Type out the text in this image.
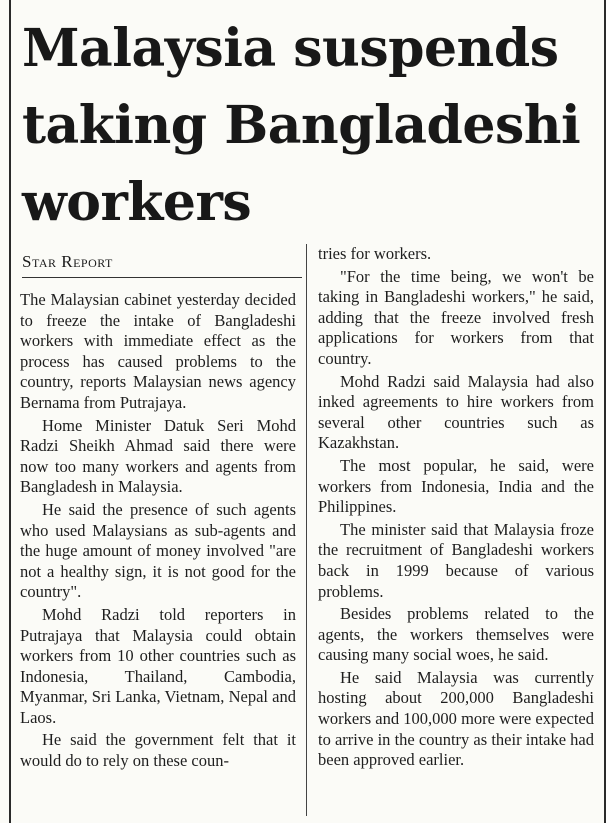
Malaysia suspends
taking Bangladeshi
workers
Star Report

The Malaysian cabinet yesterday decided to freeze the intake of Bangladeshi workers with immediate effect as the process has caused problems to the country, reports Malaysian news agency Bernama from Putrajaya.

Home Minister Datuk Seri Mohd Radzi Sheikh Ahmad said there were now too many workers and agents from Bangladesh in Malaysia.

He said the presence of such agents who used Malaysians as sub-agents and the huge amount of money involved "are not a healthy sign, it is not good for the country".

Mohd Radzi told reporters in Putrajaya that Malaysia could obtain workers from 10 other countries such as Indonesia, Thailand, Cambodia, Myanmar, Sri Lanka, Vietnam, Nepal and Laos.

He said the government felt that it would do to rely on these coun-

tries for workers.

"For the time being, we won't be taking in Bangladeshi workers," he said, adding that the freeze involved fresh applications for workers from that country.

Mohd Radzi said Malaysia had also inked agreements to hire workers from several other countries such as Kazakhstan.

The most popular, he said, were workers from Indonesia, India and the Philippines.

The minister said that Malaysia froze the recruitment of Bangladeshi workers back in 1999 because of various problems.

Besides problems related to the agents, the workers themselves were causing many social woes, he said.

He said Malaysia was currently hosting about 200,000 Bangladeshi workers and 100,000 more were expected to arrive in the country as their intake had been approved earlier.
